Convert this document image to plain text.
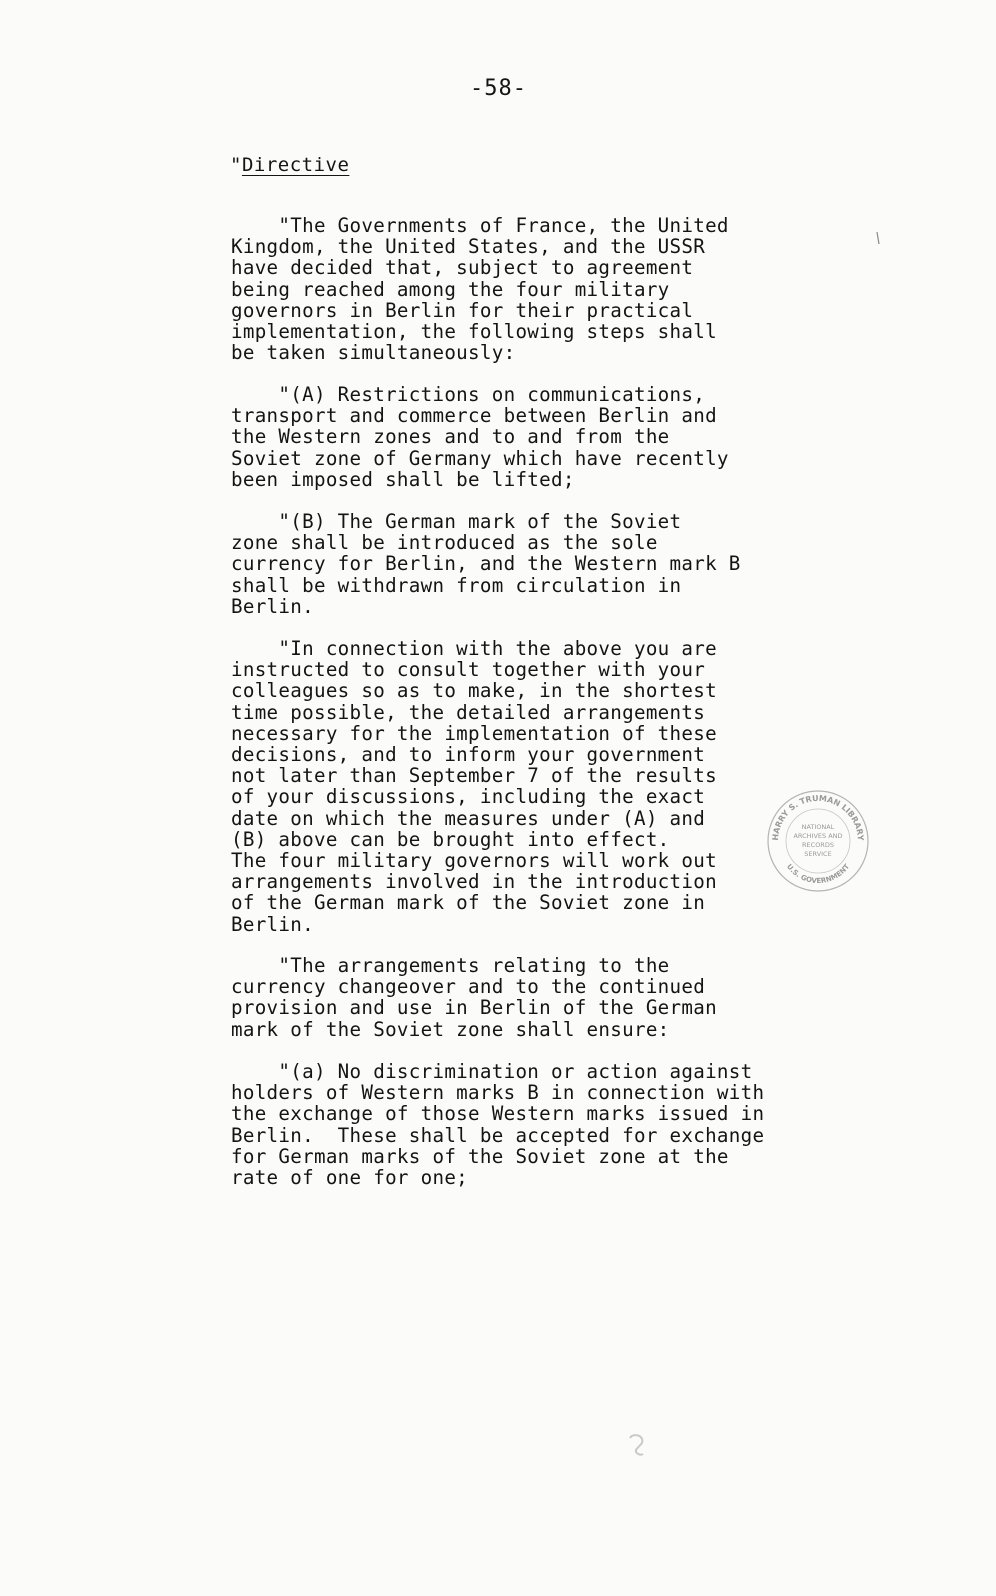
-58-
"Directive

"The Governments of France, the United
Kingdom, the United States, and the USSR
have decided that, subject to agreement
being reached among the four military
governors in Berlin for their practical
implementation, the following steps shall
be taken simultaneously:

"(A) Restrictions on communications,
transport and commerce between Berlin and
the Western zones and to and from the
Soviet zone of Germany which have recently
been imposed shall be lifted;

"(B) The German mark of the Soviet
zone shall be introduced as the sole
currency for Berlin, and the Western mark B
shall be withdrawn from circulation in
Berlin.

"In connection with the above you are
instructed to consult together with your
colleagues so as to make, in the shortest
time possible, the detailed arrangements
necessary for the implementation of these
decisions, and to inform your government
not later than September 7 of the results
of your discussions, including the exact
date on which the measures under (A) and
(B) above can be brought into effect.
The four military governors will work out
arrangements involved in the introduction
of the German mark of the Soviet zone in
Berlin.

"The arrangements relating to the
currency changeover and to the continued
provision and use in Berlin of the German
mark of the Soviet zone shall ensure:

"(a) No discrimination or action against
holders of Western marks B in connection with
the exchange of those Western marks issued in
Berlin.  These shall be accepted for exchange
for German marks of the Soviet zone at the
rate of one for one;

HARRY S. TRUMAN LIBRARY
U.S. GOVERNMENT
NATIONAL
ARCHIVES AND
RECORDS
SERVICE
